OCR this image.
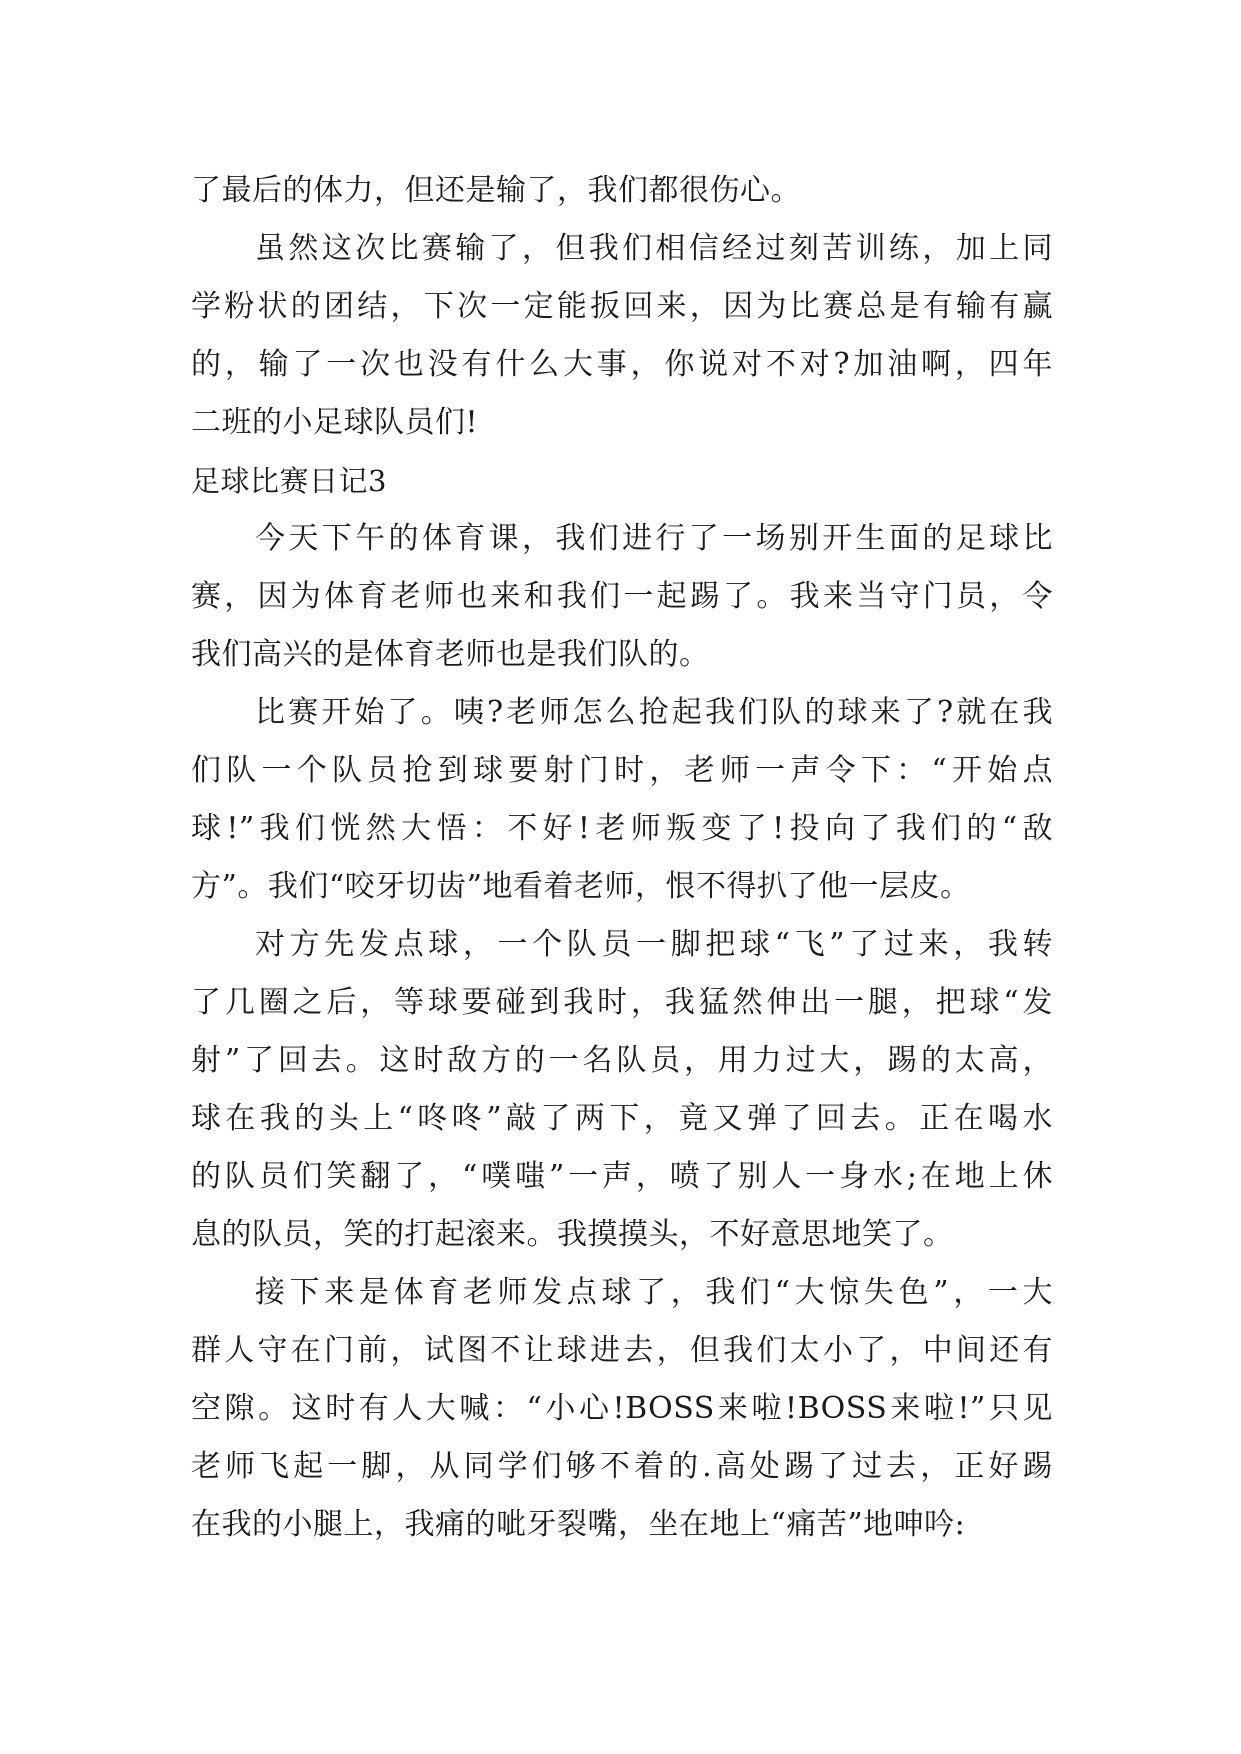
了最后的体力，但还是输了，我们都很伤心。
虽然这次比赛输了，但我们相信经过刻苦训练，加上同
学粉状的团结，下次一定能扳回来，因为比赛总是有输有赢
的，输了一次也没有什么大事，你说对不对?加油啊，四年
二班的小足球队员们!
足球比赛日记3
今天下午的体育课，我们进行了一场别开生面的足球比
赛，因为体育老师也来和我们一起踢了。我来当守门员，令
我们高兴的是体育老师也是我们队的。
比赛开始了。咦?老师怎么抢起我们队的球来了?就在我
们队一个队员抢到球要射门时，老师一声令下：“开始点
球!”我们恍然大悟：不好!老师叛变了!投向了我们的“敌
方”。我们“咬牙切齿”地看着老师，恨不得扒了他一层皮。
对方先发点球，一个队员一脚把球“飞”了过来，我转
了几圈之后，等球要碰到我时，我猛然伸出一腿，把球“发
射”了回去。这时敌方的一名队员，用力过大，踢的太高，
球在我的头上“咚咚”敲了两下，竟又弹了回去。正在喝水
的队员们笑翻了，“噗嗤”一声，喷了别人一身水;在地上休
息的队员，笑的打起滚来。我摸摸头，不好意思地笑了。
接下来是体育老师发点球了，我们“大惊失色”，一大
群人守在门前，试图不让球进去，但我们太小了，中间还有
空隙。这时有人大喊：“小心!BOSS来啦!BOSS来啦!”只见
老师飞起一脚，从同学们够不着的.高处踢了过去，正好踢
在我的小腿上，我痛的呲牙裂嘴，坐在地上“痛苦”地呻吟:
